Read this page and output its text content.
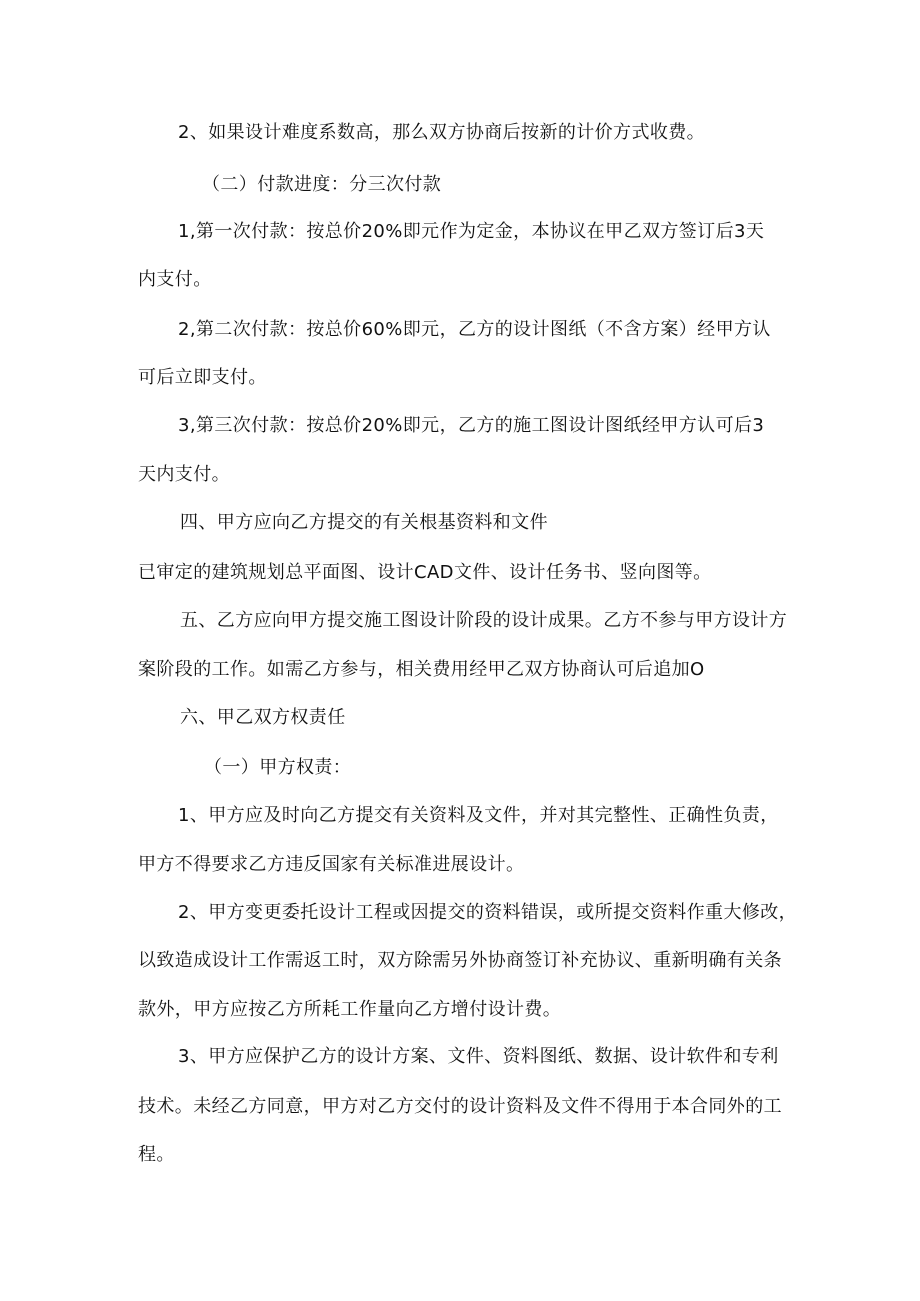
2、如果设计难度系数高，那么双方协商后按新的计价方式收费。
（二）付款进度：分三次付款
1,第一次付款：按总价20%即元作为定金，本协议在甲乙双方签订后3天
内支付。
2,第二次付款：按总价60%即元，乙方的设计图纸（不含方案）经甲方认
可后立即支付。
3,第三次付款：按总价20%即元，乙方的施工图设计图纸经甲方认可后3
天内支付。
四、甲方应向乙方提交的有关根基资料和文件
已审定的建筑规划总平面图、设计CAD文件、设计任务书、竖向图等。
五、乙方应向甲方提交施工图设计阶段的设计成果。乙方不参与甲方设计方
案阶段的工作。如需乙方参与，相关费用经甲乙双方协商认可后追加O
六、甲乙双方权责任
（一）甲方权责：
1、甲方应及时向乙方提交有关资料及文件，并对其完整性、正确性负责，
甲方不得要求乙方违反国家有关标准进展设计。
2、甲方变更委托设计工程或因提交的资料错误，或所提交资料作重大修改，
以致造成设计工作需返工时，双方除需另外协商签订补充协议、重新明确有关条
款外，甲方应按乙方所耗工作量向乙方增付设计费。
3、甲方应保护乙方的设计方案、文件、资料图纸、数据、设计软件和专利
技术。未经乙方同意，甲方对乙方交付的设计资料及文件不得用于本合同外的工
程。
